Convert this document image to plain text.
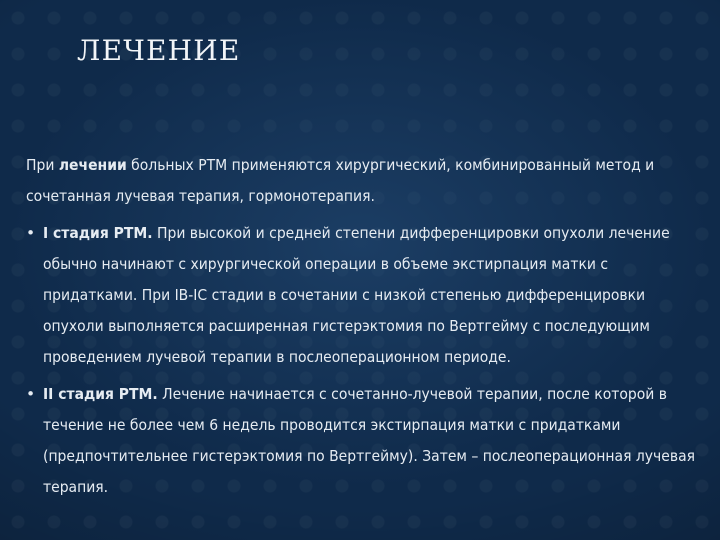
ЛЕЧЕНИЕ

При лечении больных РТМ применяются хирургический, комбинированный метод и сочетанная лучевая терапия, гормонотерапия.

• I стадия РТМ. При высокой и средней степени дифференцировки опухоли лечение обычно начинают с хирургической операции в объеме экстирпация матки с придатками. При IB-IC стадии в сочетании с низкой степенью дифференцировки опухоли выполняется расширенная гистерэктомия по Вертгейму с последующим проведением лучевой терапии в послеоперационном периоде.
• II стадия РТМ. Лечение начинается с сочетанно-лучевой терапии, после которой в течение не более чем 6 недель проводится экстирпация матки с придатками (предпочтительнее гистерэктомия по Вертгейму). Затем – послеоперационная лучевая терапия.
